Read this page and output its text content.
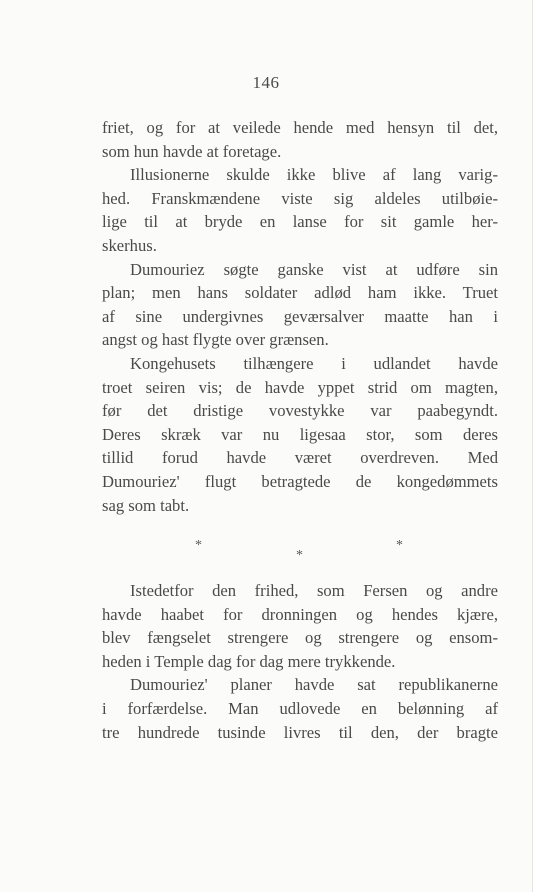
146
friet, og for at veilede hende med hensyn til det,
som hun havde at foretage.
Illusionerne skulde ikke blive af lang varig-
hed. Franskmændene viste sig aldeles utilbøie-
lige til at bryde en lanse for sit gamle her-
skerhus.
Dumouriez søgte ganske vist at udføre sin
plan; men hans soldater adlød ham ikke. Truet
af sine undergivnes geværsalver maatte han i
angst og hast flygte over grænsen.
Kongehusets tilhængere i udlandet havde
troet seiren vis; de havde yppet strid om magten,
før det dristige vovestykke var paabegyndt.
Deres skræk var nu ligesaa stor, som deres
tillid forud havde været overdreven. Med
Dumouriez' flugt betragtede de kongedømmets
sag som tabt.
*
*
*
Istedetfor den frihed, som Fersen og andre
havde haabet for dronningen og hendes kjære,
blev fængselet strengere og strengere og ensom-
heden i Temple dag for dag mere trykkende.
Dumouriez' planer havde sat republikanerne
i forfærdelse. Man udlovede en belønning af
tre hundrede tusinde livres til den, der bragte
